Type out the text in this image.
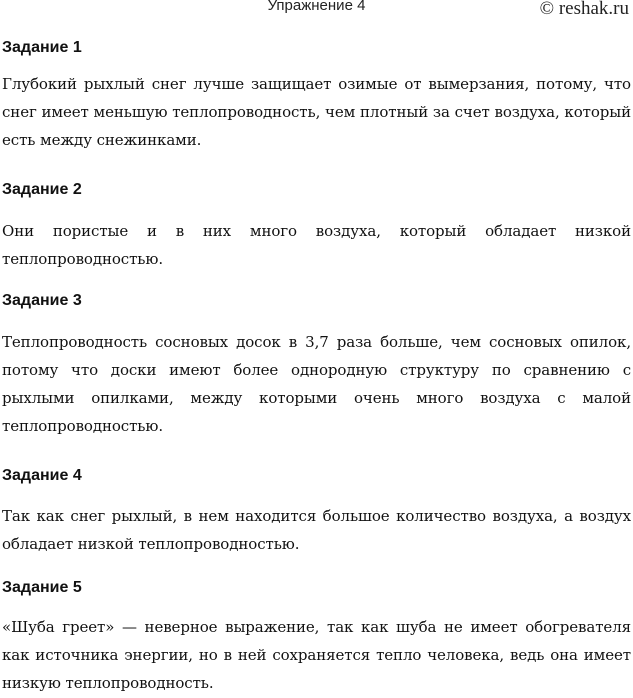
Упражнение 4	© reshak.ru
Задание 1

Глубокий рыхлый снег лучше защищает озимые от вымерзания, потому, что снег имеет меньшую теплопроводность, чем плотный за счет воздуха, который есть между снежинками.

Задание 2

Они пористые и в них много воздуха, который обладает низкой теплопроводностью.

Задание 3

Теплопроводность сосновых досок в 3,7 раза больше, чем сосновых опилок, потому что доски имеют более однородную структуру по сравнению с рыхлыми опилками, между которыми очень много воздуха с малой теплопроводностью.

Задание 4

Так как снег рыхлый, в нем находится большое количество воздуха, а воздух обладает низкой теплопроводностью.

Задание 5

«Шуба греет» — неверное выражение, так как шуба не имеет обогревателя как источника энергии, но в ней сохраняется тепло человека, ведь она имеет низкую теплопроводность.
